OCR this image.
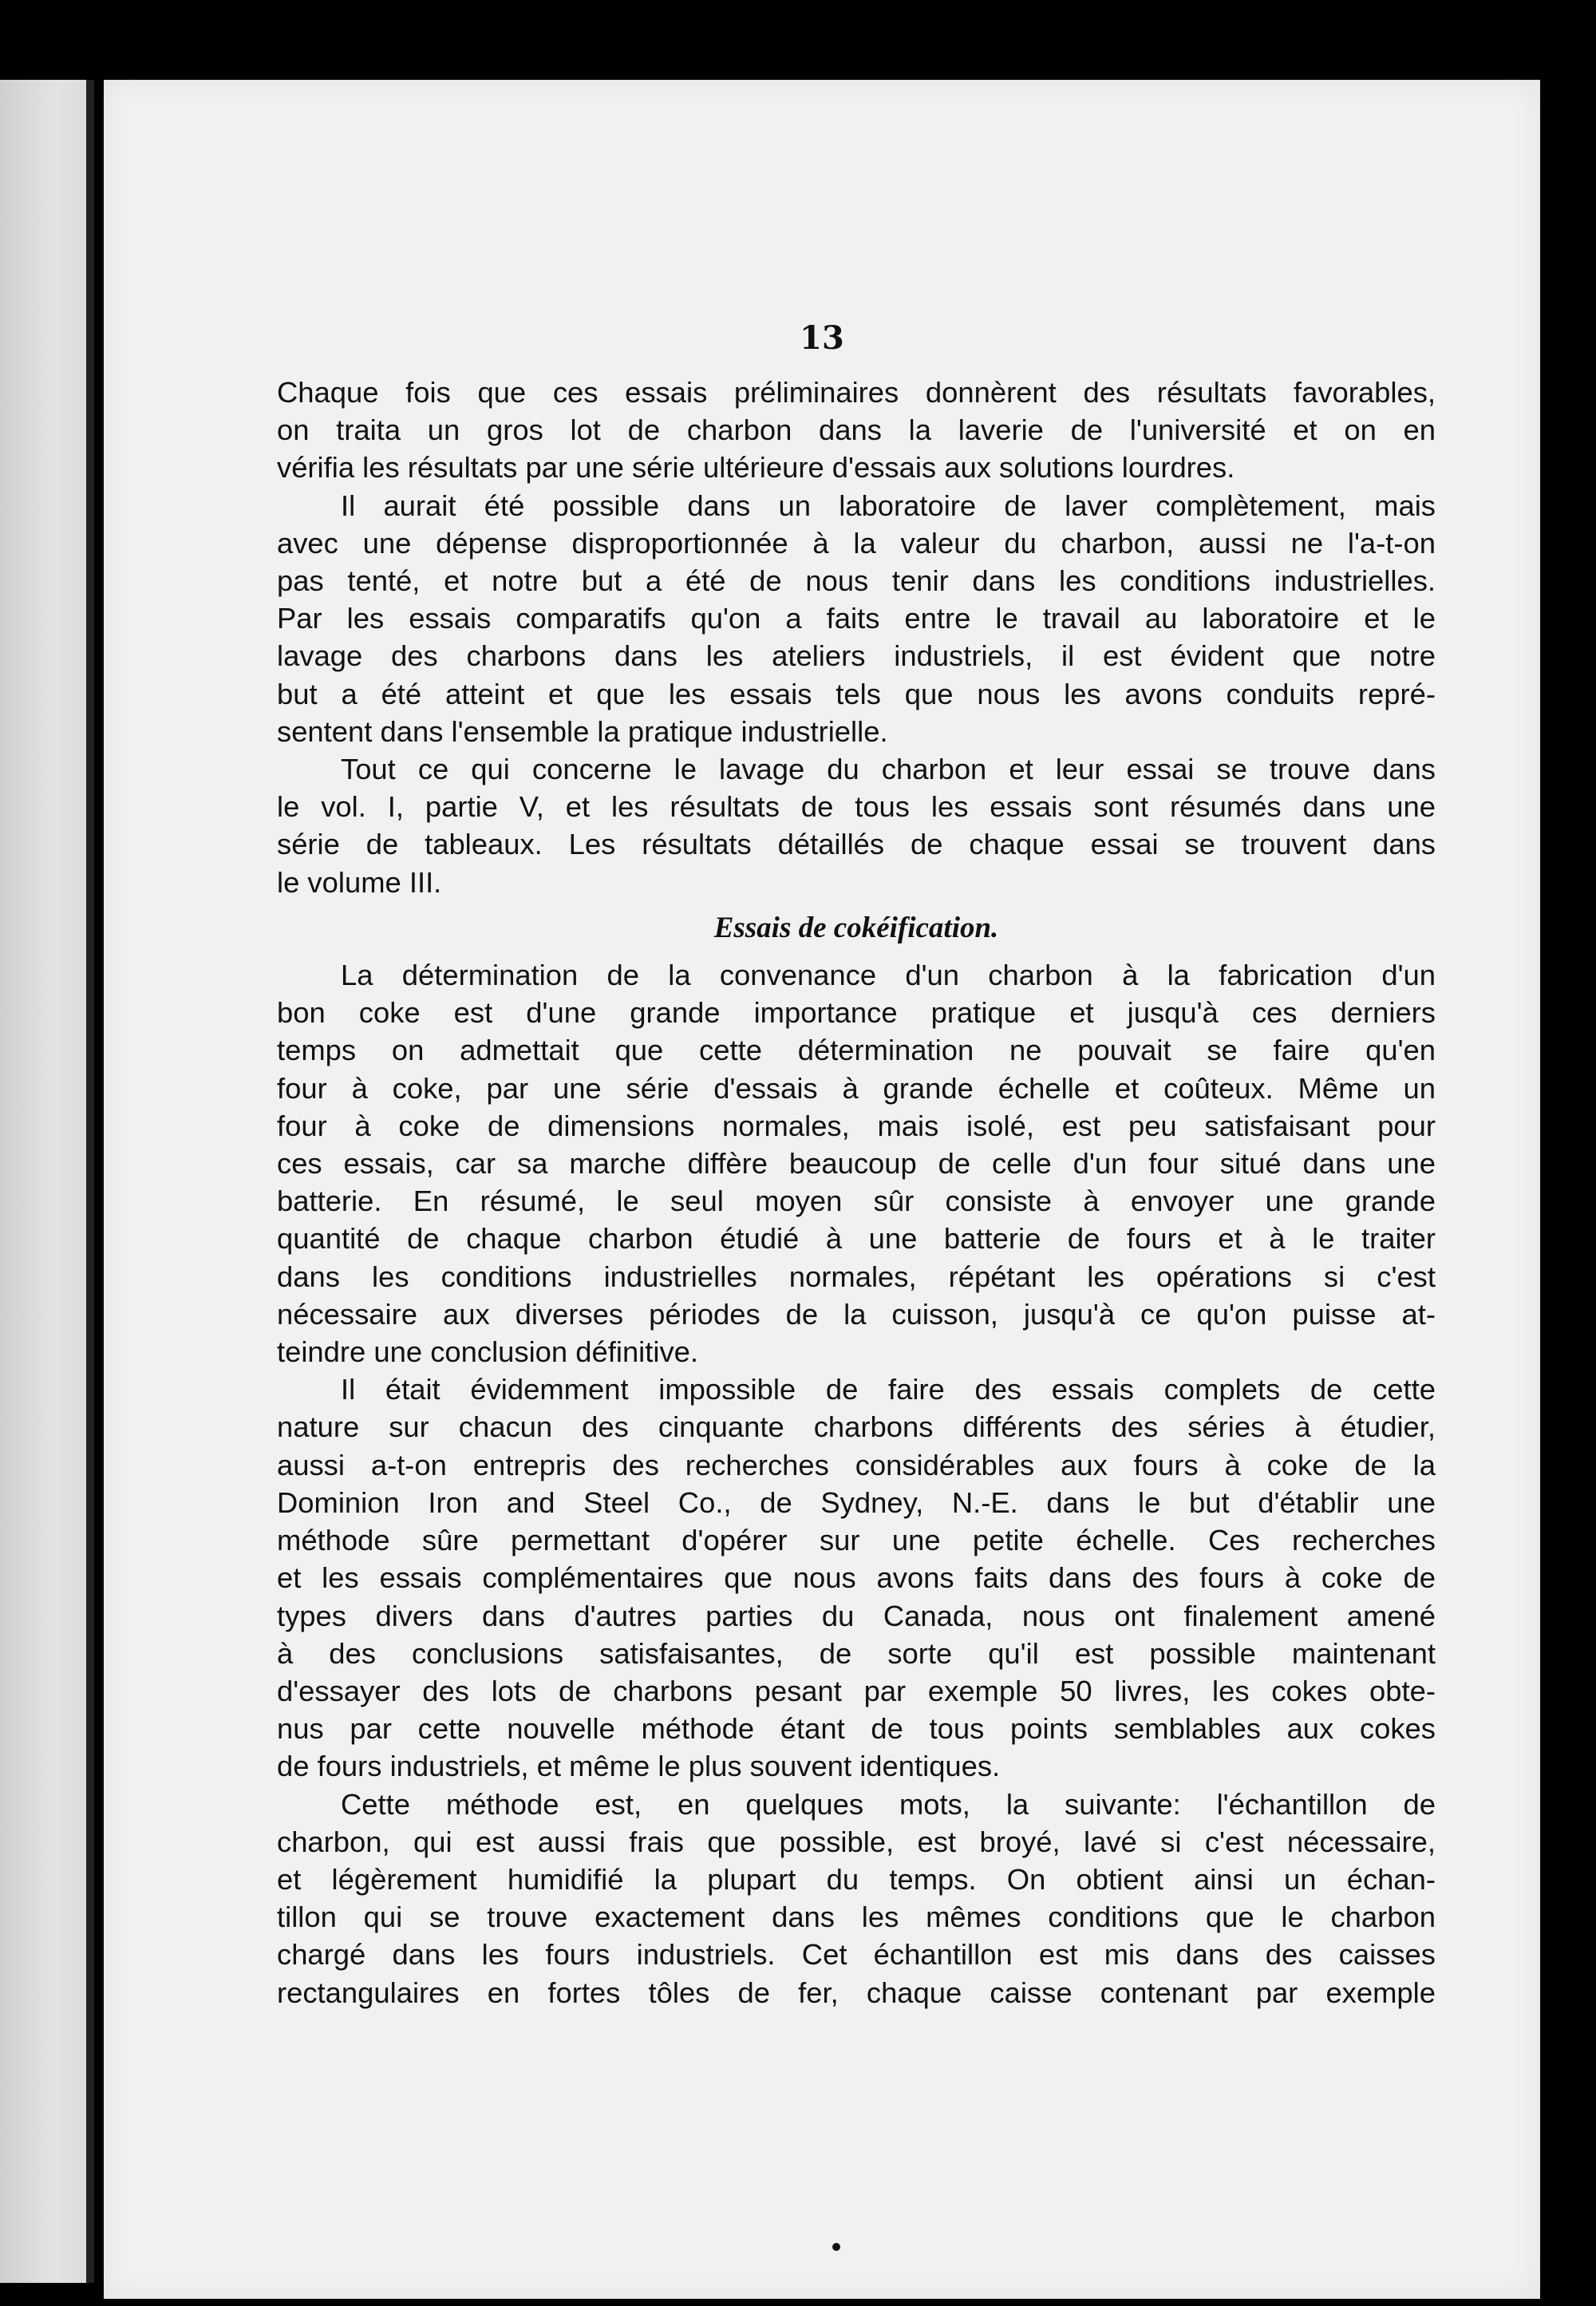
13
Chaque fois que ces essais préliminaires donnèrent des résultats favorables,
on traita un gros lot de charbon dans la laverie de l'université et on en
vérifia les résultats par une série ultérieure d'essais aux solutions lourdres.
Il aurait été possible dans un laboratoire de laver complètement, mais
avec une dépense disproportionnée à la valeur du charbon, aussi ne l'a-t-on
pas tenté, et notre but a été de nous tenir dans les conditions industrielles.
Par les essais comparatifs qu'on a faits entre le travail au laboratoire et le
lavage des charbons dans les ateliers industriels, il est évident que notre
but a été atteint et que les essais tels que nous les avons conduits repré-
sentent dans l'ensemble la pratique industrielle.
Tout ce qui concerne le lavage du charbon et leur essai se trouve dans
le vol. I, partie V, et les résultats de tous les essais sont résumés dans une
série de tableaux. Les résultats détaillés de chaque essai se trouvent dans
le volume III.
Essais de cokéification.
La détermination de la convenance d'un charbon à la fabrication d'un
bon coke est d'une grande importance pratique et jusqu'à ces derniers
temps on admettait que cette détermination ne pouvait se faire qu'en
four à coke, par une série d'essais à grande échelle et coûteux. Même un
four à coke de dimensions normales, mais isolé, est peu satisfaisant pour
ces essais, car sa marche diffère beaucoup de celle d'un four situé dans une
batterie. En résumé, le seul moyen sûr consiste à envoyer une grande
quantité de chaque charbon étudié à une batterie de fours et à le traiter
dans les conditions industrielles normales, répétant les opérations si c'est
nécessaire aux diverses périodes de la cuisson, jusqu'à ce qu'on puisse at-
teindre une conclusion définitive.
Il était évidemment impossible de faire des essais complets de cette
nature sur chacun des cinquante charbons différents des séries à étudier,
aussi a-t-on entrepris des recherches considérables aux fours à coke de la
Dominion Iron and Steel Co., de Sydney, N.-E. dans le but d'établir une
méthode sûre permettant d'opérer sur une petite échelle. Ces recherches
et les essais complémentaires que nous avons faits dans des fours à coke de
types divers dans d'autres parties du Canada, nous ont finalement amené
à des conclusions satisfaisantes, de sorte qu'il est possible maintenant
d'essayer des lots de charbons pesant par exemple 50 livres, les cokes obte-
nus par cette nouvelle méthode étant de tous points semblables aux cokes
de fours industriels, et même le plus souvent identiques.
Cette méthode est, en quelques mots, la suivante: l'échantillon de
charbon, qui est aussi frais que possible, est broyé, lavé si c'est nécessaire,
et légèrement humidifié la plupart du temps. On obtient ainsi un échan-
tillon qui se trouve exactement dans les mêmes conditions que le charbon
chargé dans les fours industriels. Cet échantillon est mis dans des caisses
rectangulaires en fortes tôles de fer, chaque caisse contenant par exemple
